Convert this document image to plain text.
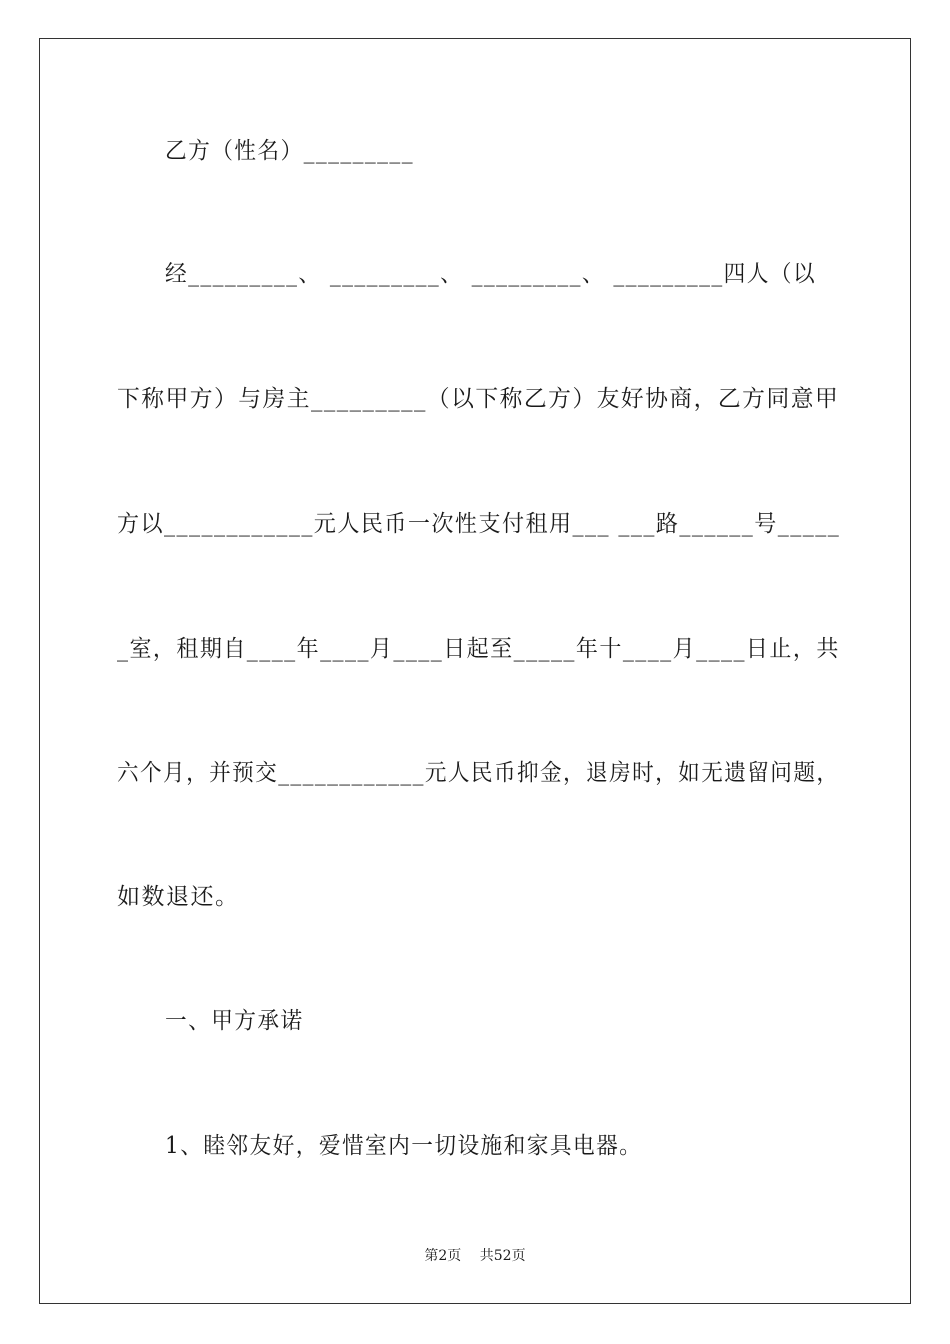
乙方（性名）_________
经_________、 _________、 _________、 _________四人（以
下称甲方）与房主_________（以下称乙方）友好协商，乙方同意甲
方以____________元人民币一次性支付租用___ ___路______号_____
_室，租期自____年____月____日起至_____年十____月____日止，共
六个月，并预交____________元人民币抑金，退房时，如无遗留问题，
如数退还。
一、甲方承诺
1、睦邻友好，爱惜室内一切设施和家具电器。
第2页 共52页
